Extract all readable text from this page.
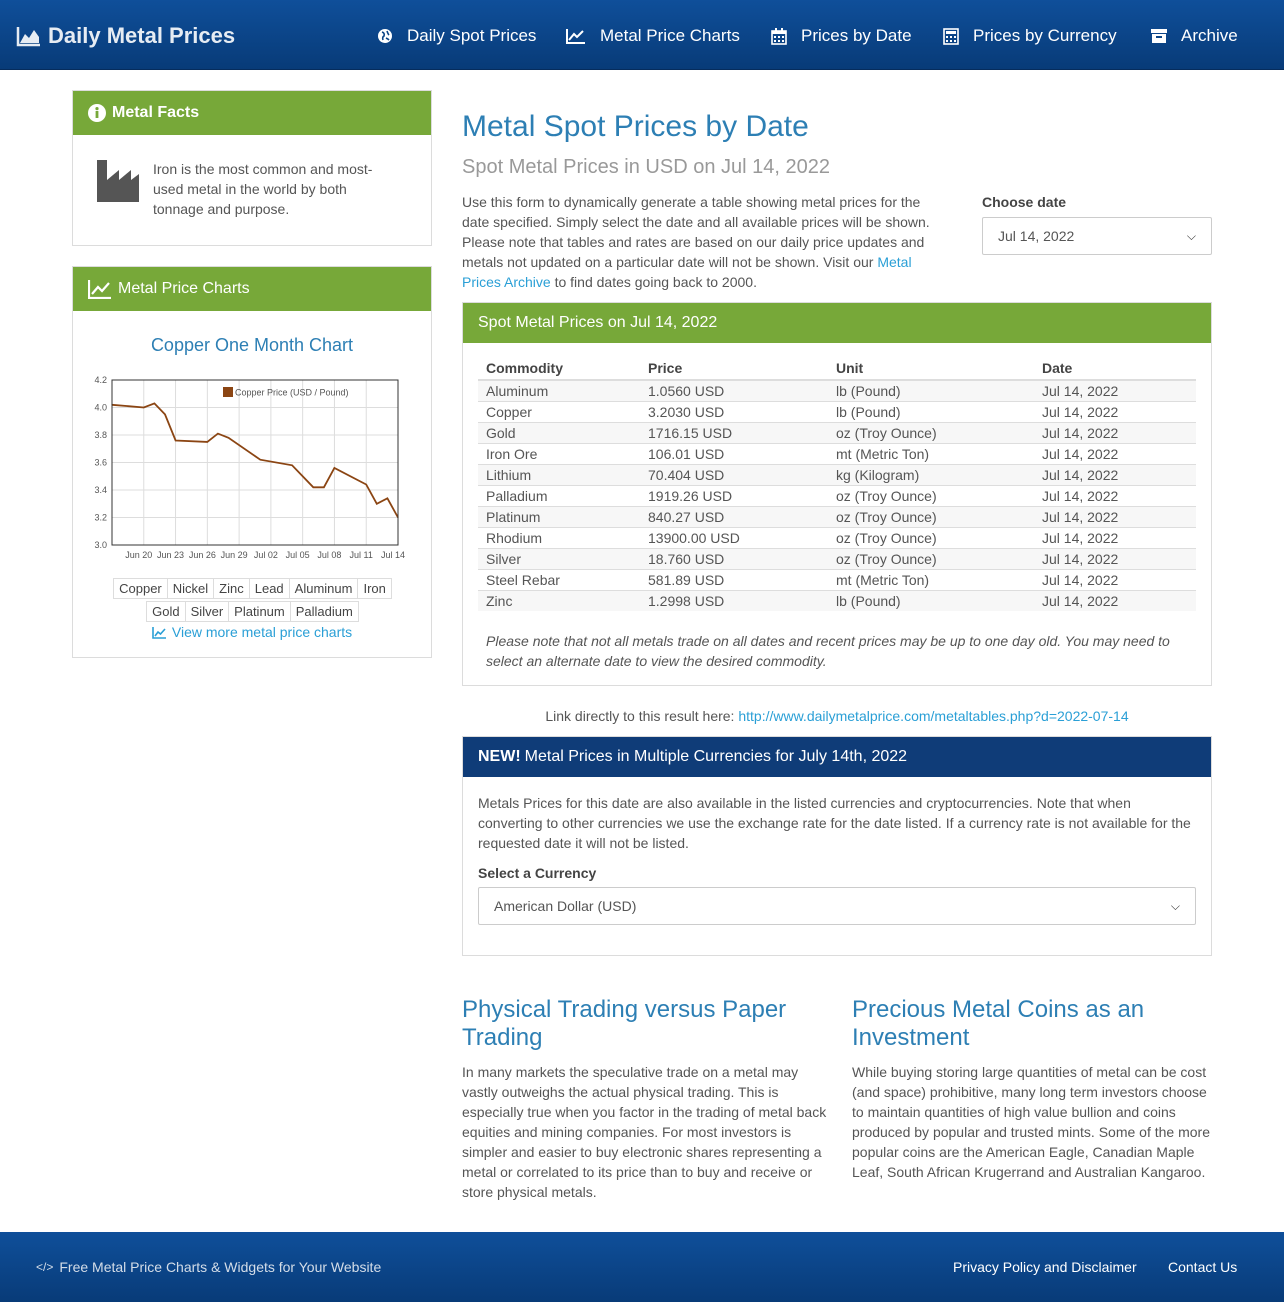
Daily Metal Prices	Daily Spot Prices	Metal Price Charts	Prices by Date	Prices by Currency	Archive
Metal Facts
Iron is the most common and most-used metal in the world by both tonnage and purpose.
Metal Price Charts
Copper One Month Chart
4.2
4.0
3.8
3.6
3.4
3.2
3.0
Jun 20 Jun 23 Jun 26 Jun 29 Jul 02 Jul 05 Jul 08 Jul 11 Jul 14
Copper Price (USD / Pound)
Copper Nickel Zinc Lead Aluminum Iron
Gold Silver Platinum Palladium
View more metal price charts
Metal Spot Prices by Date
Spot Metal Prices in USD on Jul 14, 2022
Use this form to dynamically generate a table showing metal prices for the date specified. Simply select the date and all available prices will be shown. Please note that tables and rates are based on our daily price updates and metals not updated on a particular date will not be shown. Visit our Metal Prices Archive to find dates going back to 2000.
Choose date
Jul 14, 2022	⌵
Spot Metal Prices on Jul 14, 2022
Commodity	Price	Unit	Date
Aluminum	1.0560 USD	lb (Pound)	Jul 14, 2022
Copper	3.2030 USD	lb (Pound)	Jul 14, 2022
Gold	1716.15 USD	oz (Troy Ounce)	Jul 14, 2022
Iron Ore	106.01 USD	mt (Metric Ton)	Jul 14, 2022
Lithium	70.404 USD	kg (Kilogram)	Jul 14, 2022
Palladium	1919.26 USD	oz (Troy Ounce)	Jul 14, 2022
Platinum	840.27 USD	oz (Troy Ounce)	Jul 14, 2022
Rhodium	13900.00 USD	oz (Troy Ounce)	Jul 14, 2022
Silver	18.760 USD	oz (Troy Ounce)	Jul 14, 2022
Steel Rebar	581.89 USD	mt (Metric Ton)	Jul 14, 2022
Zinc	1.2998 USD	lb (Pound)	Jul 14, 2022
Please note that not all metals trade on all dates and recent prices may be up to one day old. You may need to select an alternate date to view the desired commodity.
Link directly to this result here: http://www.dailymetalprice.com/metaltables.php?d=2022-07-14
NEW! Metal Prices in Multiple Currencies for July 14th, 2022
Metals Prices for this date are also available in the listed currencies and cryptocurrencies. Note that when converting to other currencies we use the exchange rate for the date listed. If a currency rate is not available for the requested date it will not be listed.
Select a Currency
American Dollar (USD)	⌵
Physical Trading versus Paper Trading
In many markets the speculative trade on a metal may vastly outweighs the actual physical trading. This is especially true when you factor in the trading of metal back equities and mining companies. For most investors is simpler and easier to buy electronic shares representing a metal or correlated to its price than to buy and receive or store physical metals.
Precious Metal Coins as an Investment
While buying storing large quantities of metal can be cost (and space) prohibitive, many long term investors choose to maintain quantities of high value bullion and coins produced by popular and trusted mints. Some of the more popular coins are the American Eagle, Canadian Maple Leaf, South African Krugerrand and Australian Kangaroo.
</> Free Metal Price Charts & Widgets for Your Website	Privacy Policy and Disclaimer Contact Us
